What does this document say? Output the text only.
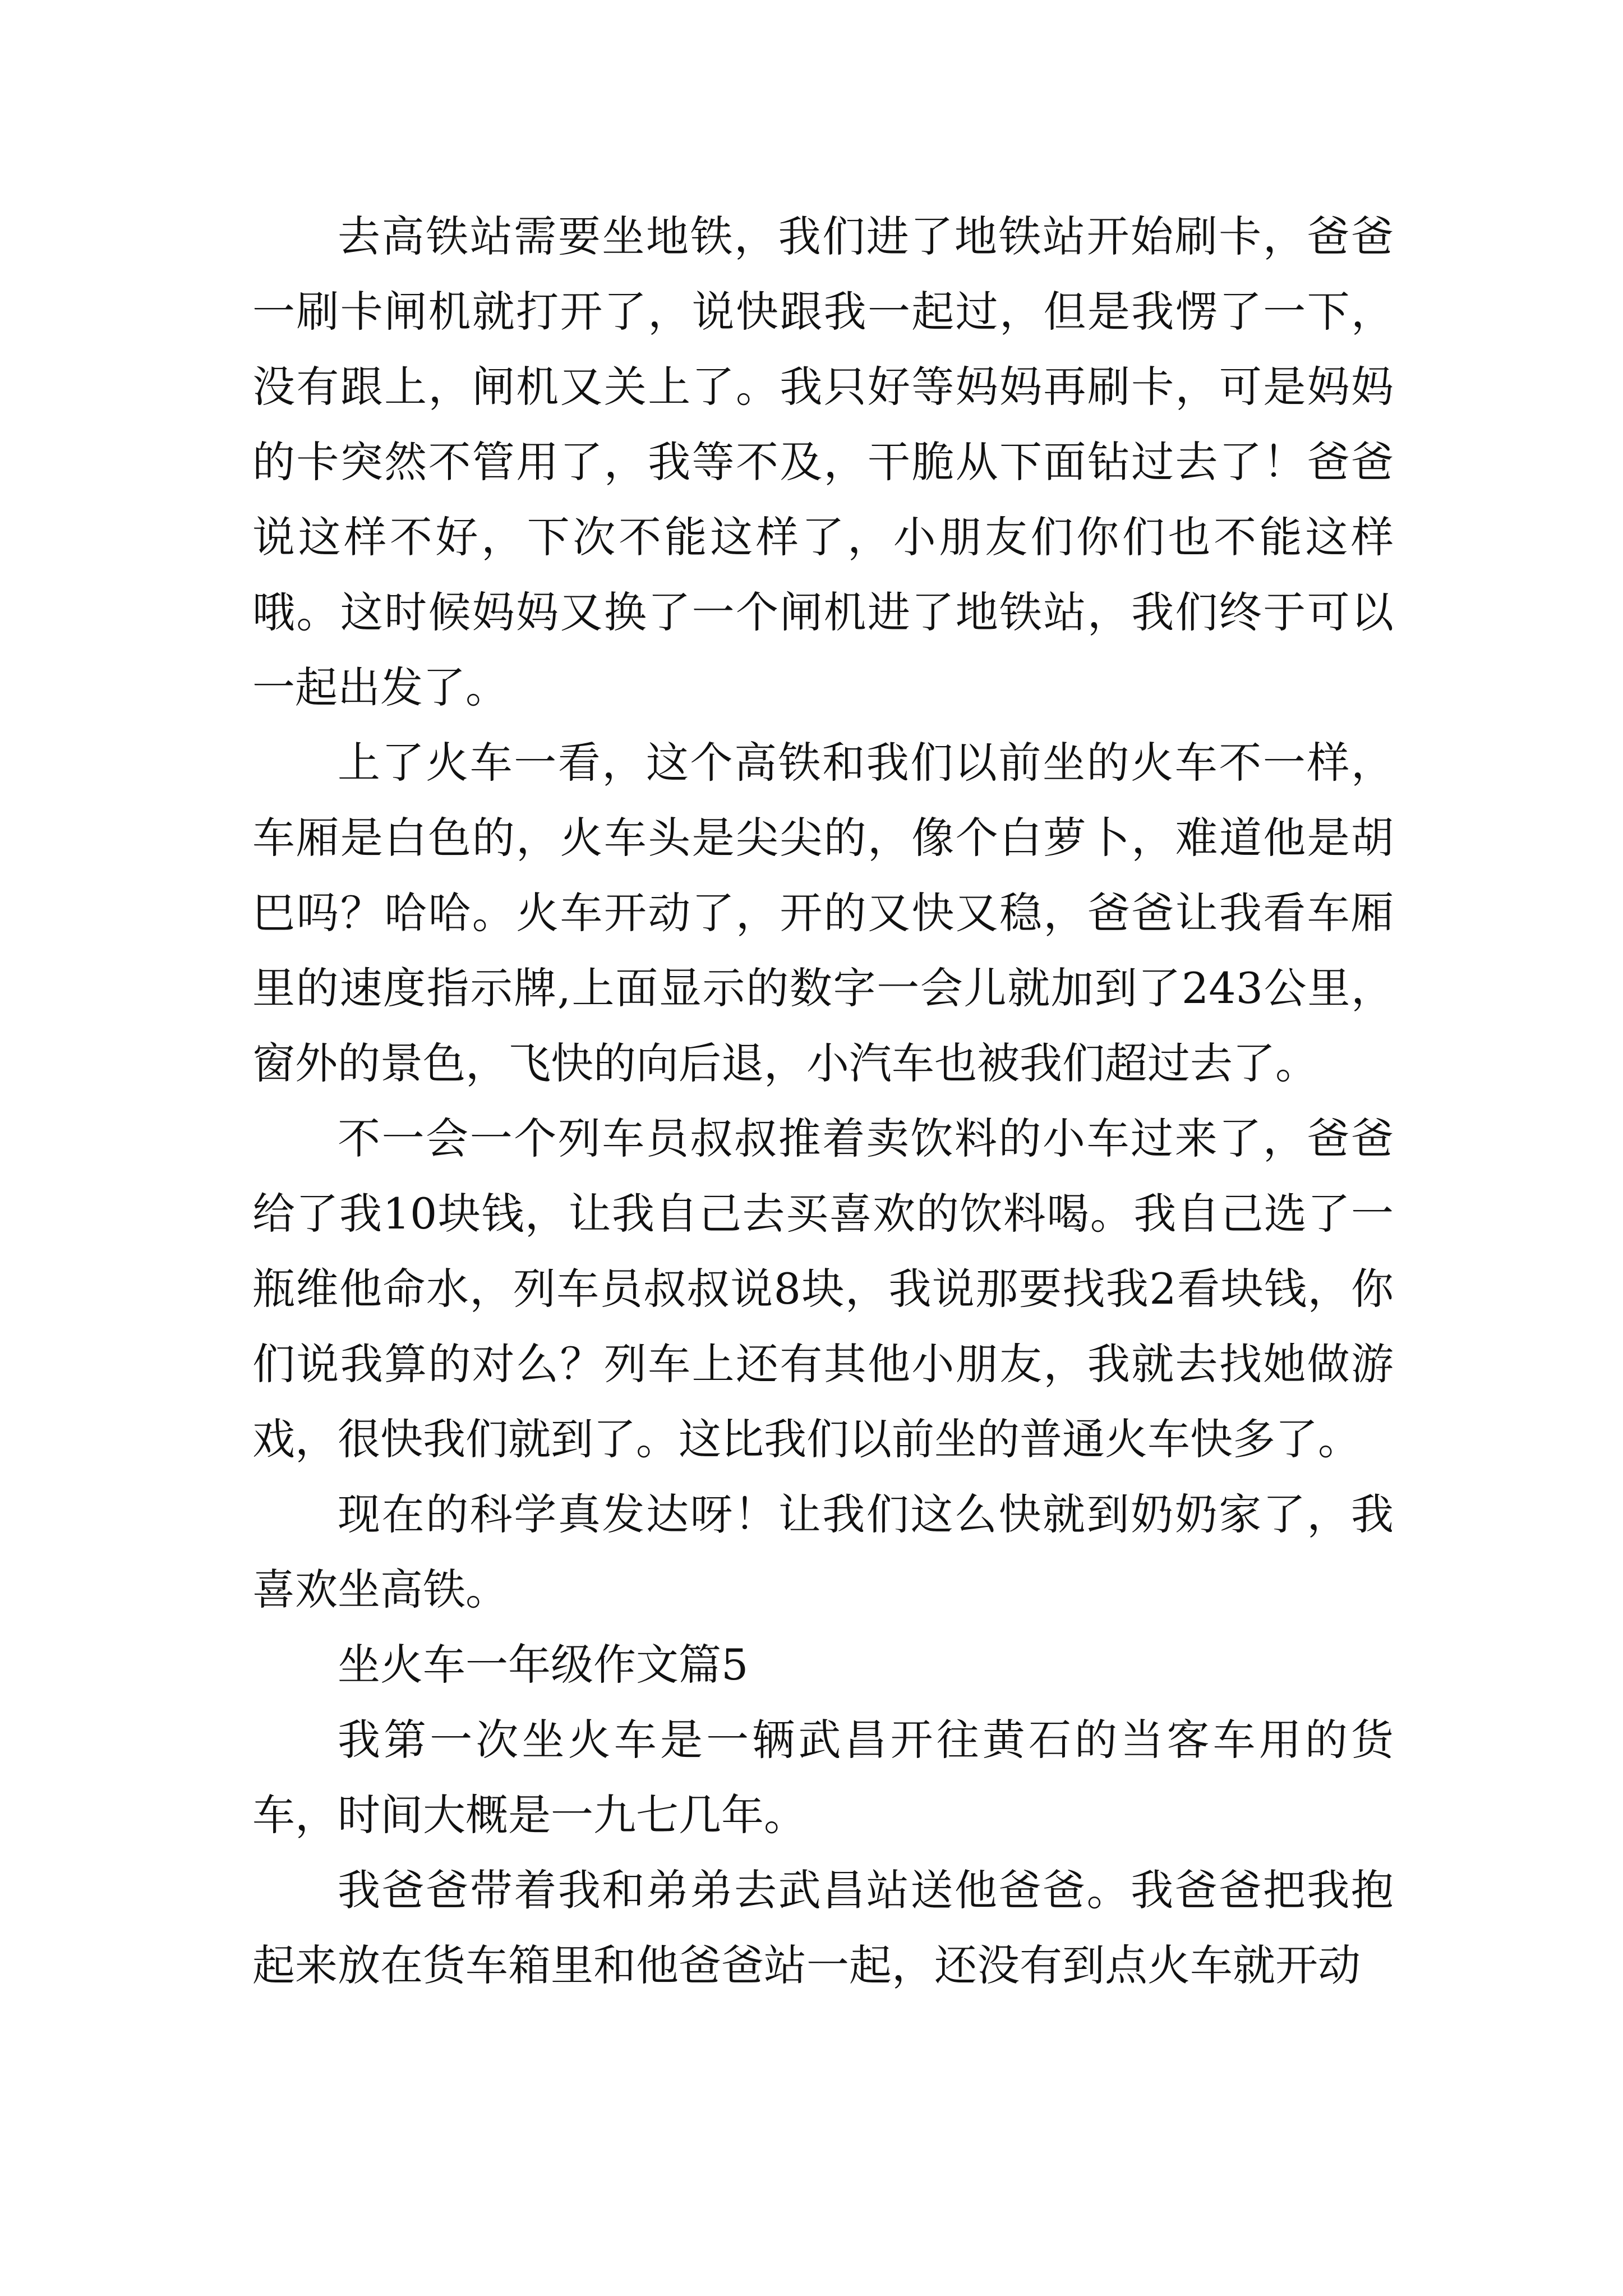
去高铁站需要坐地铁，我们进了地铁站开始刷卡，爸爸一刷卡闸机就打开了，说快跟我一起过，但是我愣了一下，没有跟上，闸机又关上了。我只好等妈妈再刷卡，可是妈妈的卡突然不管用了，我等不及，干脆从下面钻过去了！爸爸说这样不好，下次不能这样了，小朋友们你们也不能这样哦。这时候妈妈又换了一个闸机进了地铁站，我们终于可以一起出发了。

上了火车一看，这个高铁和我们以前坐的火车不一样，车厢是白色的，火车头是尖尖的，像个白萝卜，难道他是胡巴吗？哈哈。火车开动了，开的又快又稳，爸爸让我看车厢里的速度指示牌,上面显示的数字一会儿就加到了243公里，窗外的景色，飞快的向后退，小汽车也被我们超过去了。

不一会一个列车员叔叔推着卖饮料的小车过来了，爸爸给了我10块钱，让我自己去买喜欢的饮料喝。我自己选了一瓶维他命水，列车员叔叔说8块，我说那要找我2看块钱，你们说我算的对么？列车上还有其他小朋友，我就去找她做游戏，很快我们就到了。这比我们以前坐的普通火车快多了。

现在的科学真发达呀！让我们这么快就到奶奶家了，我喜欢坐高铁。

坐火车一年级作文篇5

我第一次坐火车是一辆武昌开往黄石的当客车用的货车，时间大概是一九七几年。

我爸爸带着我和弟弟去武昌站送他爸爸。我爸爸把我抱起来放在货车箱里和他爸爸站一起，还没有到点火车就开动
